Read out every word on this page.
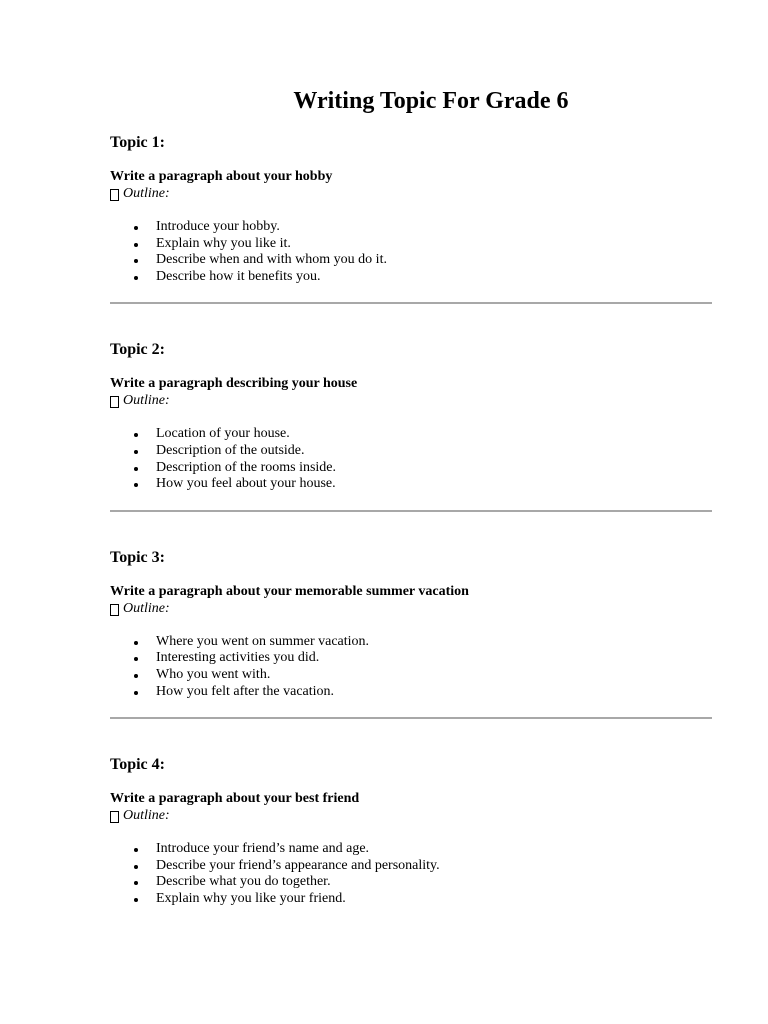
Writing Topic For Grade 6

Topic 1:

Write a paragraph about your hobby

Outline:

Introduce your hobby.
Explain why you like it.
Describe when and with whom you do it.
Describe how it benefits you.

Topic 2:

Write a paragraph describing your house

Outline:

Location of your house.
Description of the outside.
Description of the rooms inside.
How you feel about your house.

Topic 3:

Write a paragraph about your memorable summer vacation

Outline:

Where you went on summer vacation.
Interesting activities you did.
Who you went with.
How you felt after the vacation.

Topic 4:

Write a paragraph about your best friend

Outline:

Introduce your friend’s name and age.
Describe your friend’s appearance and personality.
Describe what you do together.
Explain why you like your friend.
